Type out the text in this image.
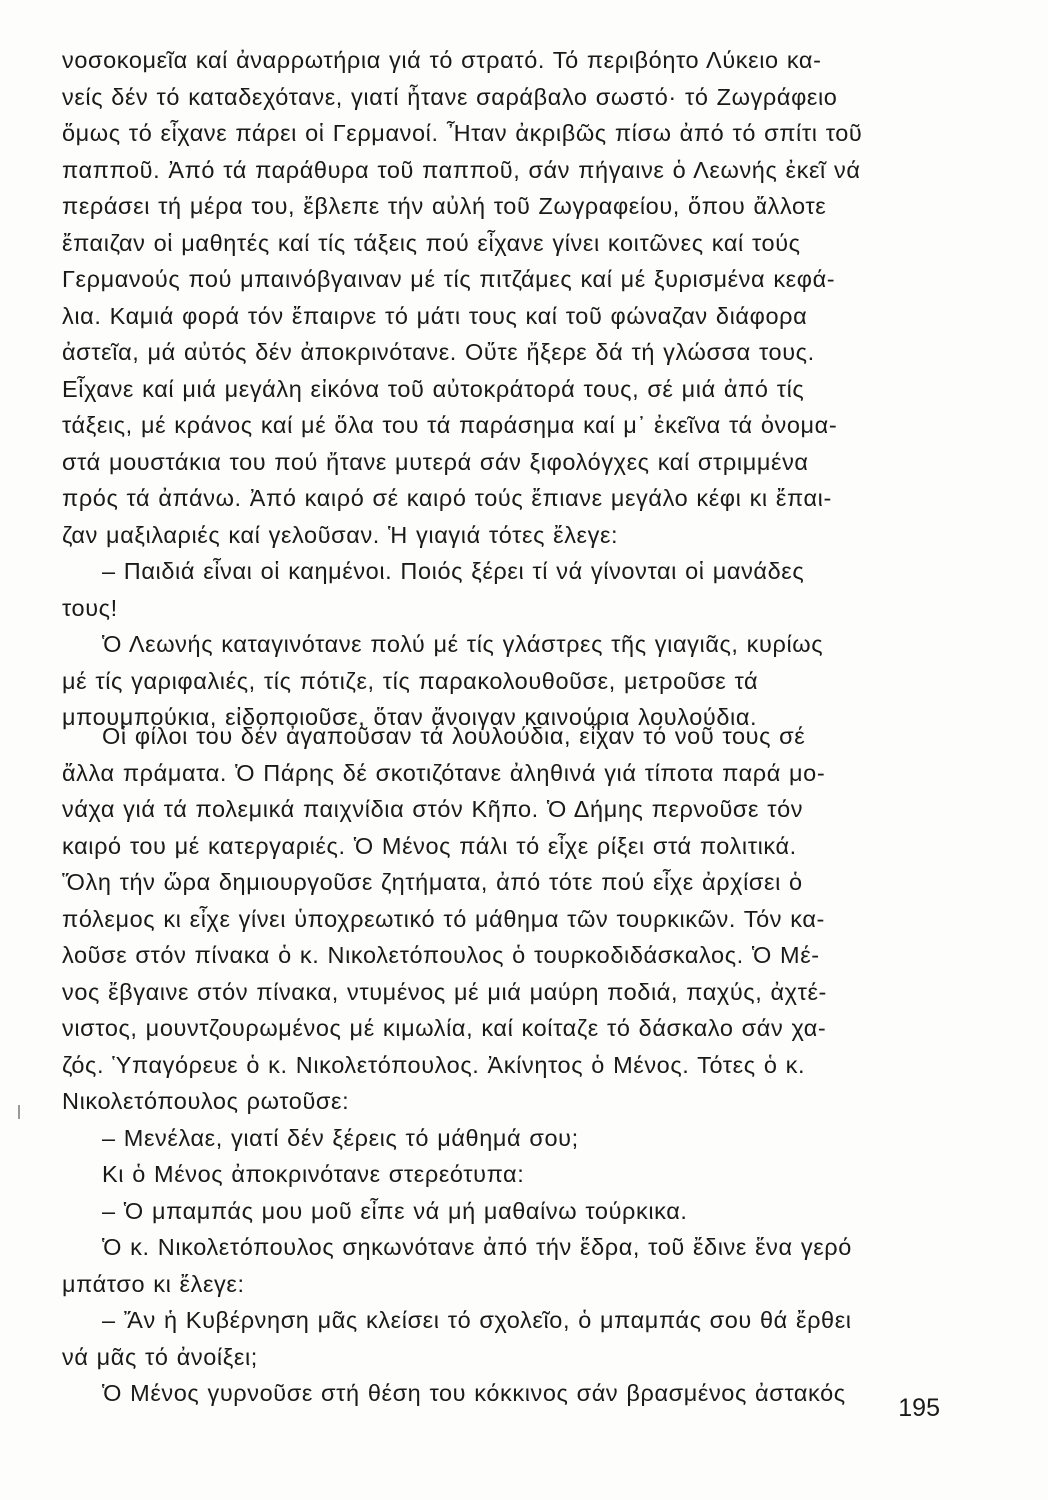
νοσοκομεῖα καί ἀναρρωτήρια γιά τό στρατό. Τό περιβόητο Λύκειο κα-
νείς δέν τό καταδεχότανε, γιατί ἦτανε σαράβαλο σωστό· τό Ζωγράφειο
ὅμως τό εἶχανε πάρει οἱ Γερμανοί. Ἦταν ἀκριβῶς πίσω ἀπό τό σπίτι τοῦ
παπποῦ. Ἀπό τά παράθυρα τοῦ παπποῦ, σάν πήγαινε ὁ Λεωνής ἐκεῖ νά
περάσει τή μέρα του, ἔβλεπε τήν αὐλή τοῦ Ζωγραφείου, ὅπου ἄλλοτε
ἔπαιζαν οἱ μαθητές καί τίς τάξεις πού εἶχανε γίνει κοιτῶνες καί τούς
Γερμανούς πού μπαινόβγαιναν μέ τίς πιτζάμες καί μέ ξυρισμένα κεφά-
λια. Καμιά φορά τόν ἔπαιρνε τό μάτι τους καί τοῦ φώναζαν διάφορα
ἀστεῖα, μά αὐτός δέν ἀποκρινότανε. Οὔτε ἤξερε δά τή γλώσσα τους.
Εἶχανε καί μιά μεγάλη εἰκόνα τοῦ αὐτοκράτορά τους, σέ μιά ἀπό τίς
τάξεις, μέ κράνος καί μέ ὅλα του τά παράσημα καί μ᾽ ἐκεῖνα τά ὀνομα-
στά μουστάκια του πού ἤτανε μυτερά σάν ξιφολόγχες καί στριμμένα
πρός τά ἀπάνω. Ἀπό καιρό σέ καιρό τούς ἔπιανε μεγάλο κέφι κι ἔπαι-
ζαν μαξιλαριές καί γελοῦσαν. Ἡ γιαγιά τότες ἔλεγε:
– Παιδιά εἶναι οἱ καημένοι. Ποιός ξέρει τί νά γίνονται οἱ μανάδες
τους!
Ὁ Λεωνής καταγινότανε πολύ μέ τίς γλάστρες τῆς γιαγιᾶς, κυρίως
μέ τίς γαριφαλιές, τίς πότιζε, τίς παρακολουθοῦσε, μετροῦσε τά
μπουμπούκια, εἰδοποιοῦσε, ὅταν ἄνοιγαν καινούρια λουλούδια.
Οἱ φίλοι του δέν ἀγαποῦσαν τά λουλούδια, εἶχαν τό νοῦ τους σέ
ἄλλα πράματα. Ὁ Πάρης δέ σκοτιζότανε ἀληθινά γιά τίποτα παρά μο-
νάχα γιά τά πολεμικά παιχνίδια στόν Κῆπο. Ὁ Δήμης περνοῦσε τόν
καιρό του μέ κατεργαριές. Ὁ Μένος πάλι τό εἶχε ρίξει στά πολιτικά.
Ὅλη τήν ὥρα δημιουργοῦσε ζητήματα, ἀπό τότε πού εἶχε ἀρχίσει ὁ
πόλεμος κι εἶχε γίνει ὑποχρεωτικό τό μάθημα τῶν τουρκικῶν. Τόν κα-
λοῦσε στόν πίνακα ὁ κ. Νικολετόπουλος ὁ τουρκοδιδάσκαλος. Ὁ Μέ-
νος ἔβγαινε στόν πίνακα, ντυμένος μέ μιά μαύρη ποδιά, παχύς, ἀχτέ-
νιστος, μουντζουρωμένος μέ κιμωλία, καί κοίταζε τό δάσκαλο σάν χα-
ζός. Ὑπαγόρευε ὁ κ. Νικολετόπουλος. Ἀκίνητος ὁ Μένος. Τότες ὁ κ.
Νικολετόπουλος ρωτοῦσε:
– Μενέλαε, γιατί δέν ξέρεις τό μάθημά σου;
Κι ὁ Μένος ἀποκρινότανε στερεότυπα:
– Ὁ μπαμπάς μου μοῦ εἶπε νά μή μαθαίνω τούρκικα.
Ὁ κ. Νικολετόπουλος σηκωνότανε ἀπό τήν ἕδρα, τοῦ ἔδινε ἕνα γερό
μπάτσο κι ἔλεγε:
– Ἄν ἡ Κυβέρνηση μᾶς κλείσει τό σχολεῖο, ὁ μπαμπάς σου θά ἔρθει
νά μᾶς τό ἀνοίξει;
Ὁ Μένος γυρνοῦσε στή θέση του κόκκινος σάν βρασμένος ἀστακός
195
